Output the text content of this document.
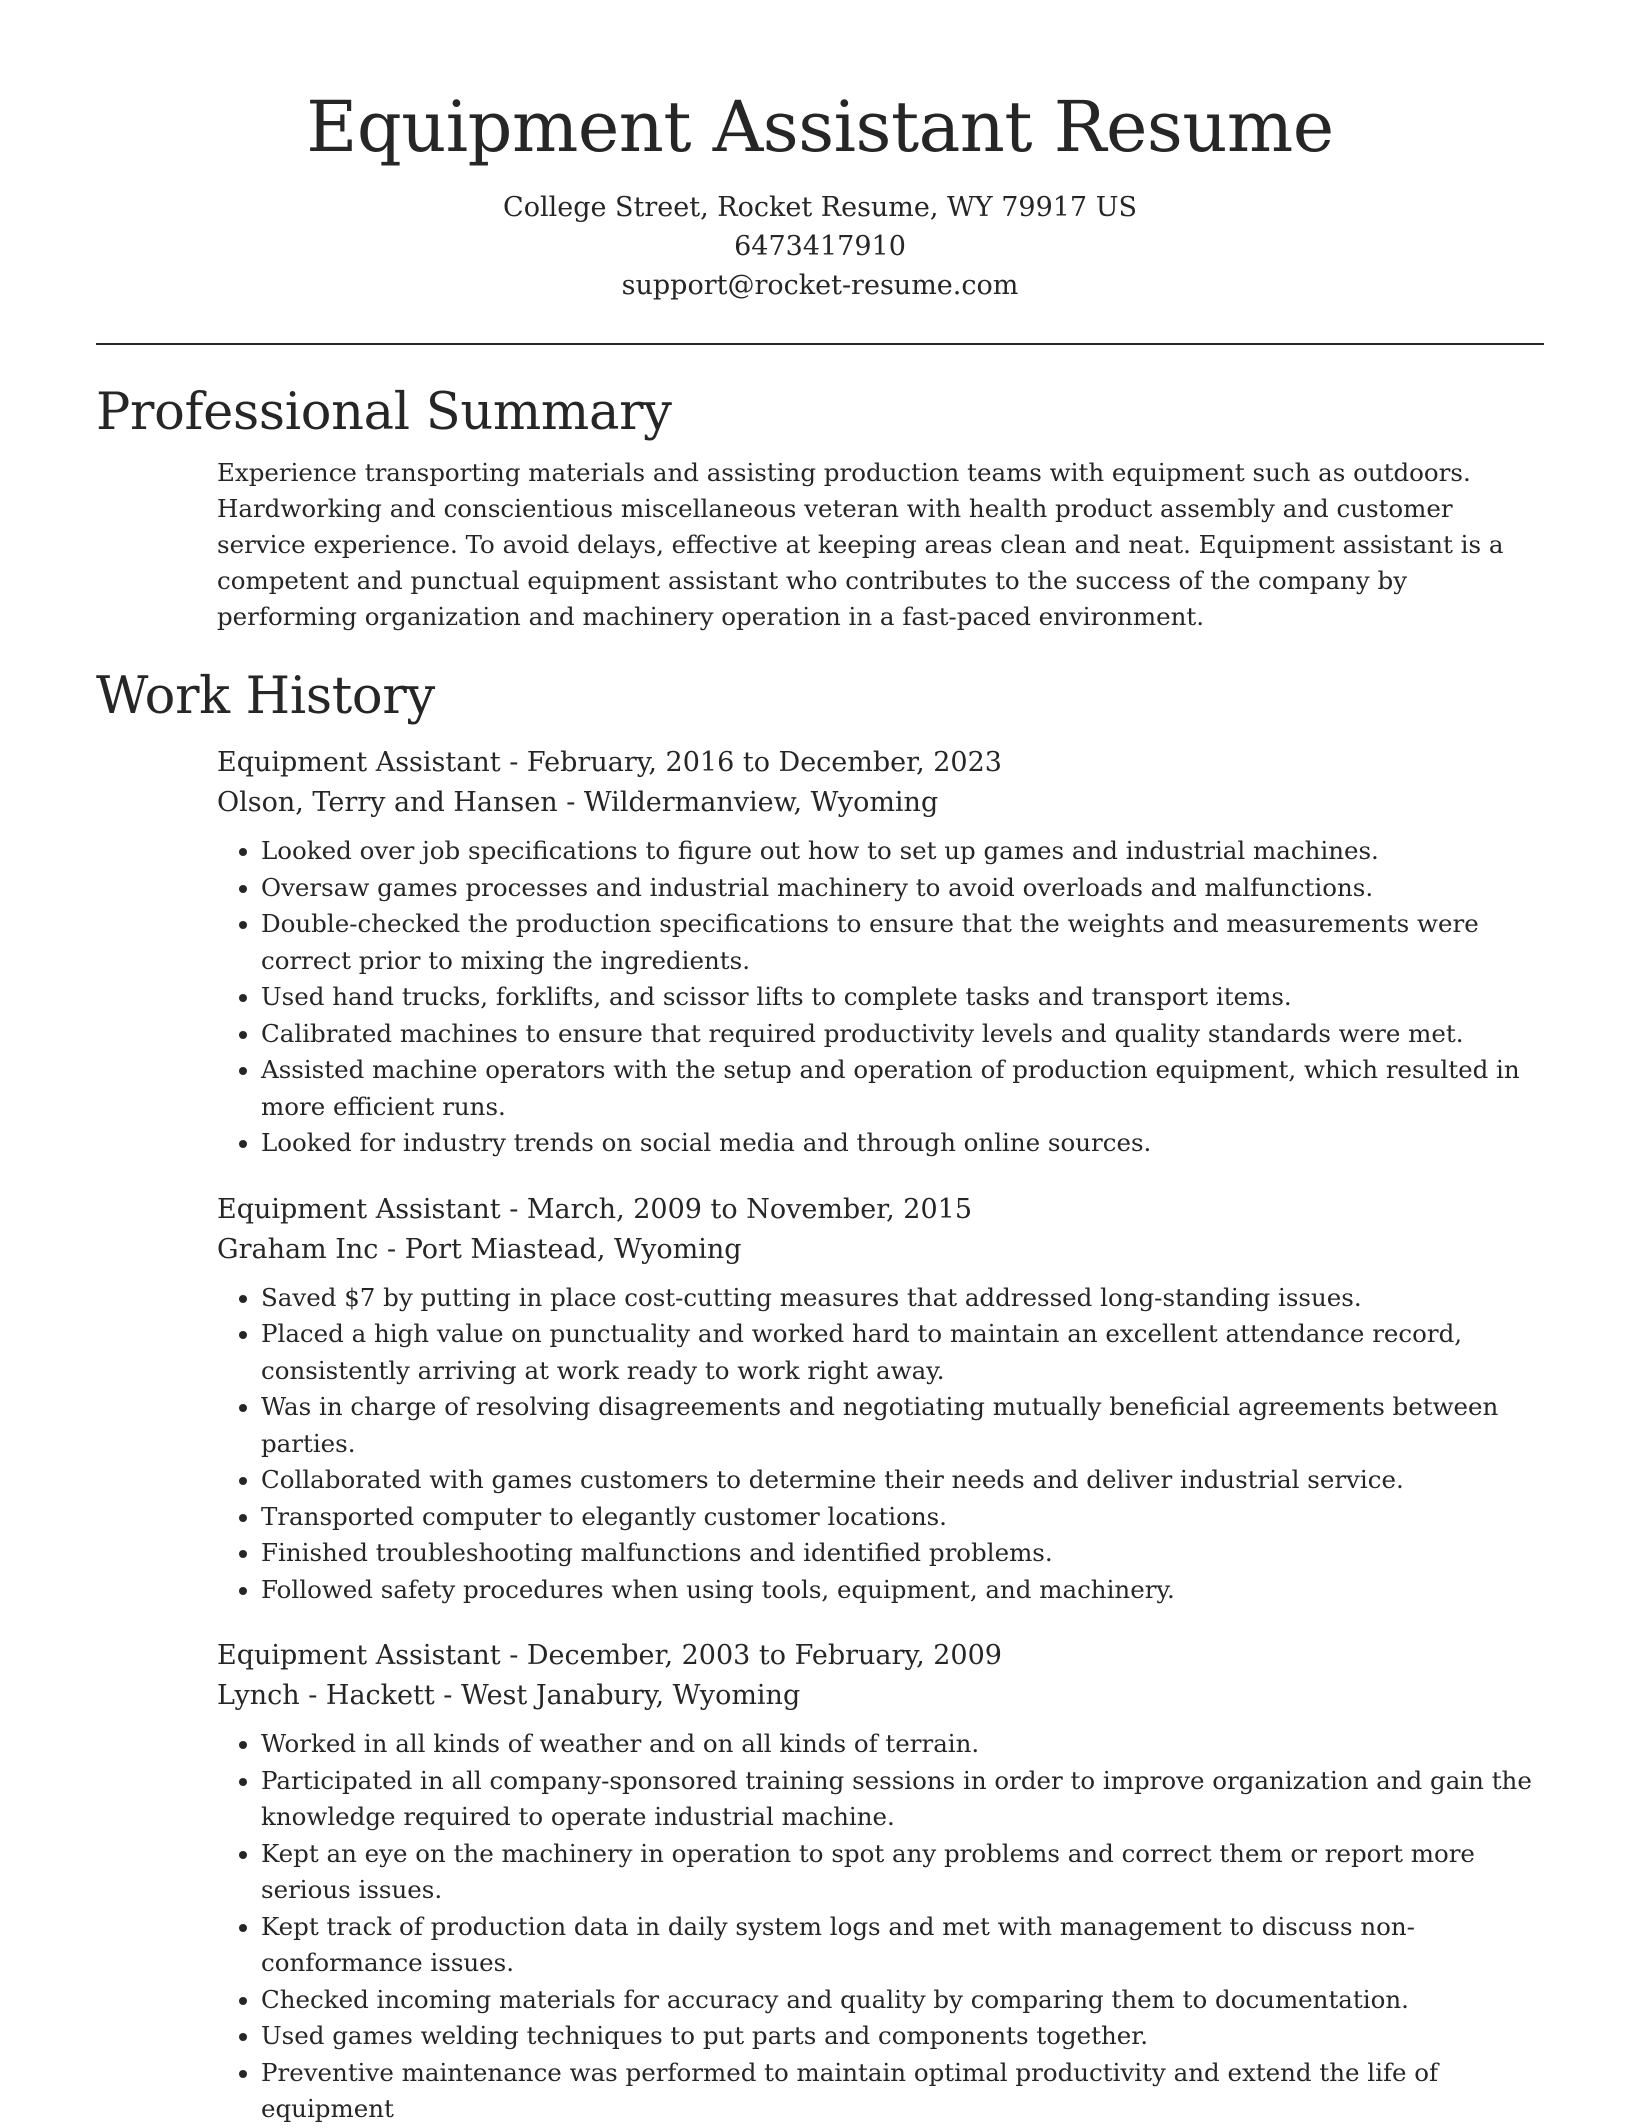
Equipment Assistant Resume
College Street, Rocket Resume, WY 79917 US
6473417910
support@rocket-resume.com
Professional Summary

Experience transporting materials and assisting production teams with equipment such as outdoors. Hardworking and conscientious miscellaneous veteran with health product assembly and customer service experience. To avoid delays, effective at keeping areas clean and neat. Equipment assistant is a competent and punctual equipment assistant who contributes to the success of the company by performing organization and machinery operation in a fast-paced environment.

Work History
Equipment Assistant - February, 2016 to December, 2023
Olson, Terry and Hansen - Wildermanview, Wyoming
• Looked over job specifications to figure out how to set up games and industrial machines.
• Oversaw games processes and industrial machinery to avoid overloads and malfunctions.
• Double-checked the production specifications to ensure that the weights and measurements were correct prior to mixing the ingredients.
• Used hand trucks, forklifts, and scissor lifts to complete tasks and transport items.
• Calibrated machines to ensure that required productivity levels and quality standards were met.
• Assisted machine operators with the setup and operation of production equipment, which resulted in more efficient runs.
• Looked for industry trends on social media and through online sources.
Equipment Assistant - March, 2009 to November, 2015
Graham Inc - Port Miastead, Wyoming
• Saved $7 by putting in place cost-cutting measures that addressed long-standing issues.
• Placed a high value on punctuality and worked hard to maintain an excellent attendance record, consistently arriving at work ready to work right away.
• Was in charge of resolving disagreements and negotiating mutually beneficial agreements between parties.
• Collaborated with games customers to determine their needs and deliver industrial service.
• Transported computer to elegantly customer locations.
• Finished troubleshooting malfunctions and identified problems.
• Followed safety procedures when using tools, equipment, and machinery.
Equipment Assistant - December, 2003 to February, 2009
Lynch - Hackett - West Janabury, Wyoming
• Worked in all kinds of weather and on all kinds of terrain.
• Participated in all company-sponsored training sessions in order to improve organization and gain the knowledge required to operate industrial machine.
• Kept an eye on the machinery in operation to spot any problems and correct them or report more serious issues.
• Kept track of production data in daily system logs and met with management to discuss non-conformance issues.
• Checked incoming materials for accuracy and quality by comparing them to documentation.
• Used games welding techniques to put parts and components together.
• Preventive maintenance was performed to maintain optimal productivity and extend the life of equipment
